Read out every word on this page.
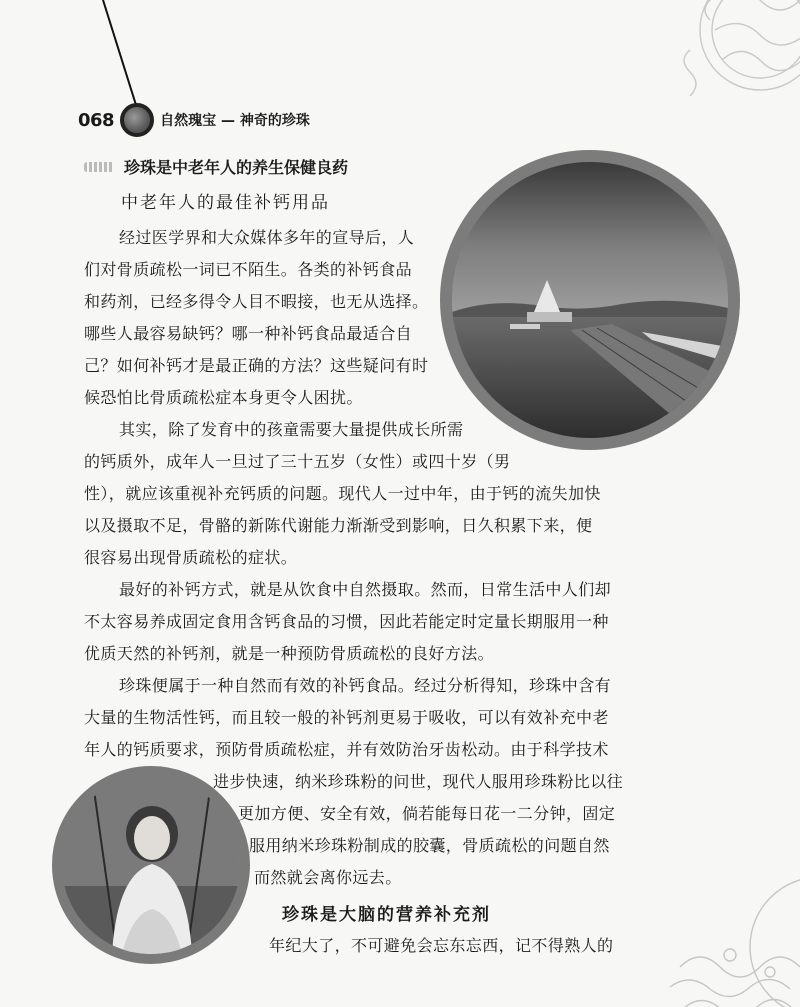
068	自然瑰宝 — 神奇的珍珠
珍珠是中老年人的养生保健良药
中老年人的最佳补钙用品
经过医学界和大众媒体多年的宣导后，人
们对骨质疏松一词已不陌生。各类的补钙食品
和药剂，已经多得令人目不暇接，也无从选择。
哪些人最容易缺钙？哪一种补钙食品最适合自
己？如何补钙才是最正确的方法？这些疑问有时
候恐怕比骨质疏松症本身更令人困扰。
其实，除了发育中的孩童需要大量提供成长所需
的钙质外，成年人一旦过了三十五岁（女性）或四十岁（男
性），就应该重视补充钙质的问题。现代人一过中年，由于钙的流失加快
以及摄取不足，骨骼的新陈代谢能力渐渐受到影响，日久积累下来，便
很容易出现骨质疏松的症状。
最好的补钙方式，就是从饮食中自然摄取。然而，日常生活中人们却
不太容易养成固定食用含钙食品的习惯，因此若能定时定量长期服用一种
优质天然的补钙剂，就是一种预防骨质疏松的良好方法。
珍珠便属于一种自然而有效的补钙食品。经过分析得知，珍珠中含有
大量的生物活性钙，而且较一般的补钙剂更易于吸收，可以有效补充中老
年人的钙质要求，预防骨质疏松症，并有效防治牙齿松动。由于科学技术
进步快速，纳米珍珠粉的问世，现代人服用珍珠粉比以往
更加方便、安全有效，倘若能每日花一二分钟，固定
服用纳米珍珠粉制成的胶囊，骨质疏松的问题自然
而然就会离你远去。
珍珠是大脑的营养补充剂
年纪大了，不可避免会忘东忘西，记不得熟人的
